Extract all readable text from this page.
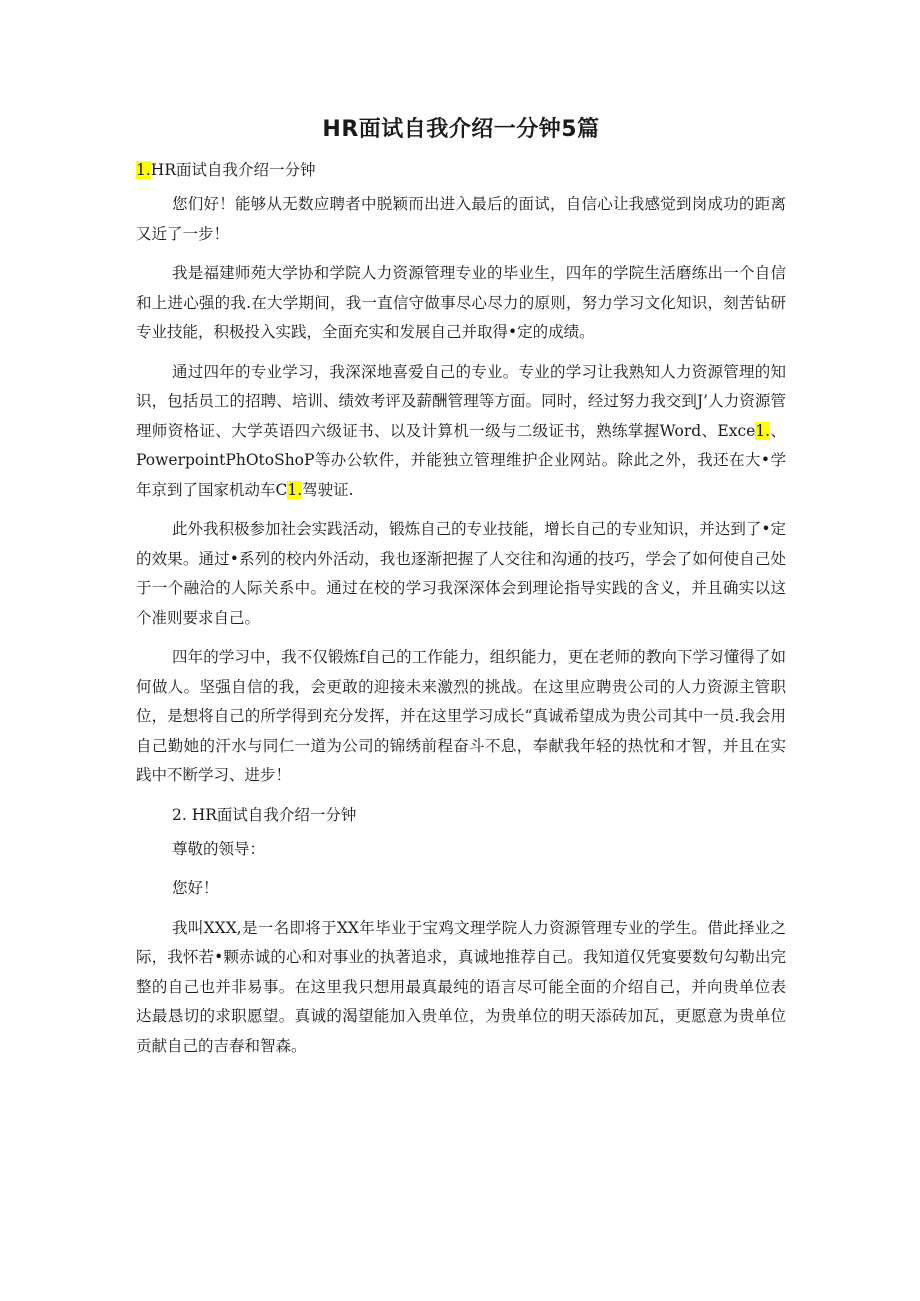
HR面试自我介绍一分钟5篇
1.HR面试自我介绍一分钟

您们好！能够从无数应聘者中脱颖而出进入最后的面试，自信心让我感觉到岗成功的距离又近了一步！

我是福建师苑大学协和学院人力资源管理专业的毕业生，四年的学院生活磨练出一个自信和上进心强的我.在大学期间，我一直信守做事尽心尽力的原则，努力学习文化知识，刻苦钻研专业技能，积极投入实践，全面充实和发展自己并取得•定的成绩。

通过四年的专业学习，我深深地喜爱自己的专业。专业的学习让我熟知人力资源管理的知识，包括员工的招聘、培训、绩效考评及薪酬管理等方面。同时，经过努力我交到J’人力资源管理师资格证、大学英语四六级证书、以及计算机一级与二级证书，熟练掌握Word、Exce1.、PowerpointPhOtoShoP等办公软件，并能独立管理维护企业网站。除此之外，我还在大•学年京到了国家机动车C1.驾驶证.

此外我积极参加社会实践活动，锻炼自己的专业技能，增长自己的专业知识，并达到了•定的效果。通过•系列的校内外活动，我也逐渐把握了人交往和沟通的技巧，学会了如何使自己处于一个融洽的人际关系中。通过在校的学习我深深体会到理论指导实践的含义，并且确实以这个准则要求自己。

四年的学习中，我不仅锻炼f自己的工作能力，组织能力，更在老师的教向下学习懂得了如何做人。坚强自信的我，会更敢的迎接未来激烈的挑战。在这里应聘贵公司的人力资源主管职位，是想将自己的所学得到充分发挥，并在这里学习成长“真诚希望成为贵公司其中一员.我会用自己勤她的汗水与同仁一道为公司的锦绣前程奋斗不息，奉献我年轻的热忱和才智，并且在实践中不断学习、进步！

2. HR面试自我介绍一分钟

尊敬的领导：

您好！

我叫XXX,是一名即将于XX年毕业于宝鸡文理学院人力资源管理专业的学生。借此择业之际，我怀若•颗赤诚的心和对事业的执著追求，真诚地推荐自己。我知道仅凭宴要数句勾勒出完整的自己也并非易事。在这里我只想用最真最纯的语言尽可能全面的介绍自己，并向贵单位表达最恳切的求职愿望。真诚的渴望能加入贵单位，为贵单位的明天添砖加瓦，更愿意为贵单位贡献自己的吉春和智森。
